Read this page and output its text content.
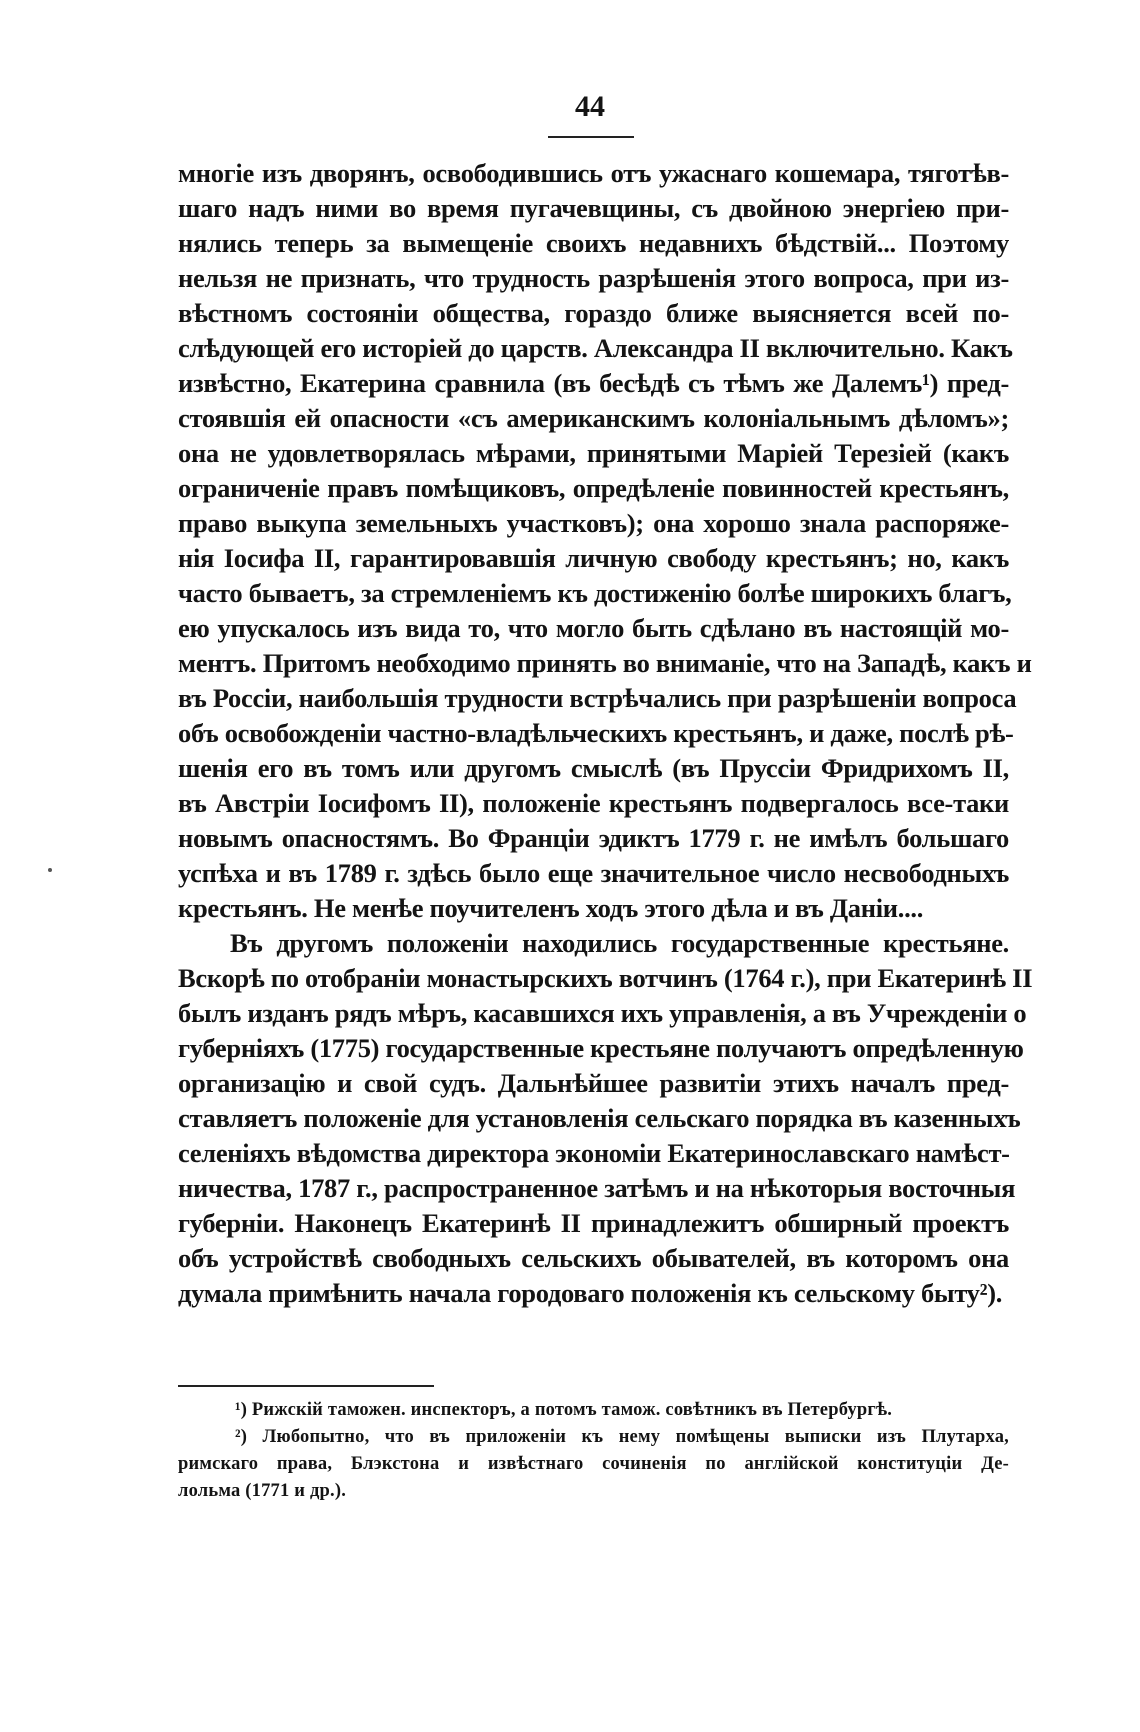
44
многіе изъ дворянъ, освободившись отъ ужаснаго кошемара, тяготѣв-
шаго надъ ними во время пугачевщины, съ двойною энергіею при-
нялись теперь за вымещеніе своихъ недавнихъ бѣдствій... Поэтому
нельзя не признать, что трудность разрѣшенія этого вопроса, при из-
вѣстномъ состояніи общества, гораздо ближе выясняется всей по-
слѣдующей его исторіей до царств. Александра II включительно. Какъ
извѣстно, Екатерина сравнила (въ бесѣдѣ съ тѣмъ же Далемъ¹) пред-
стоявшія ей опасности «съ американскимъ колоніальнымъ дѣломъ»;
она не удовлетворялась мѣрами, принятыми Маріей Терезіей (какъ
ограниченіе правъ помѣщиковъ, опредѣленіе повинностей крестьянъ,
право выкупа земельныхъ участковъ); она хорошо знала распоряже-
нія Іосифа II, гарантировавшія личную свободу крестьянъ; но, какъ
часто бываетъ, за стремленіемъ къ достиженію болѣе широкихъ благъ,
ею упускалось изъ вида то, что могло быть сдѣлано въ настоящій мо-
ментъ. Притомъ необходимо принять во вниманіе, что на Западѣ, какъ и
въ Россіи, наибольшія трудности встрѣчались при разрѣшеніи вопроса
объ освобожденіи частно-владѣльческихъ крестьянъ, и даже, послѣ рѣ-
шенія его въ томъ или другомъ смыслѣ (въ Пруссіи Фридрихомъ II,
въ Австріи Іосифомъ II), положеніе крестьянъ подвергалось все-таки
новымъ опасностямъ. Во Франціи эдиктъ 1779 г. не имѣлъ большаго
успѣха и въ 1789 г. здѣсь было еще значительное число несвободныхъ
крестьянъ. Не менѣе поучителенъ ходъ этого дѣла и въ Даніи....
Въ другомъ положеніи находились государственные крестьяне.
Вскорѣ по отобраніи монастырскихъ вотчинъ (1764 г.), при Екатеринѣ II
былъ изданъ рядъ мѣръ, касавшихся ихъ управленія, а въ Учрежденіи о
губерніяхъ (1775) государственные крестьяне получаютъ опредѣленную
организацію и свой судъ. Дальнѣйшее развитіи этихъ началъ пред-
ставляетъ положеніе для установленія сельскаго порядка въ казенныхъ
селеніяхъ вѣдомства директора экономіи Екатеринославскаго намѣст-
ничества, 1787 г., распространенное затѣмъ и на нѣкоторыя восточныя
губерніи. Наконецъ Екатеринѣ II принадлежитъ обширный проектъ
объ устройствѣ свободныхъ сельскихъ обывателей, въ которомъ она
думала примѣнить начала городоваго положенія къ сельскому быту²).
¹) Рижскій таможен. инспекторъ, а потомъ тамож. совѣтникъ въ Петербургѣ.
²) Любопытно, что въ приложеніи къ нему помѣщены выписки изъ Плутарха,
римскаго права, Блэкстона и извѣстнаго сочиненія по англійской конституціи Де-
лольма (1771 и др.).
